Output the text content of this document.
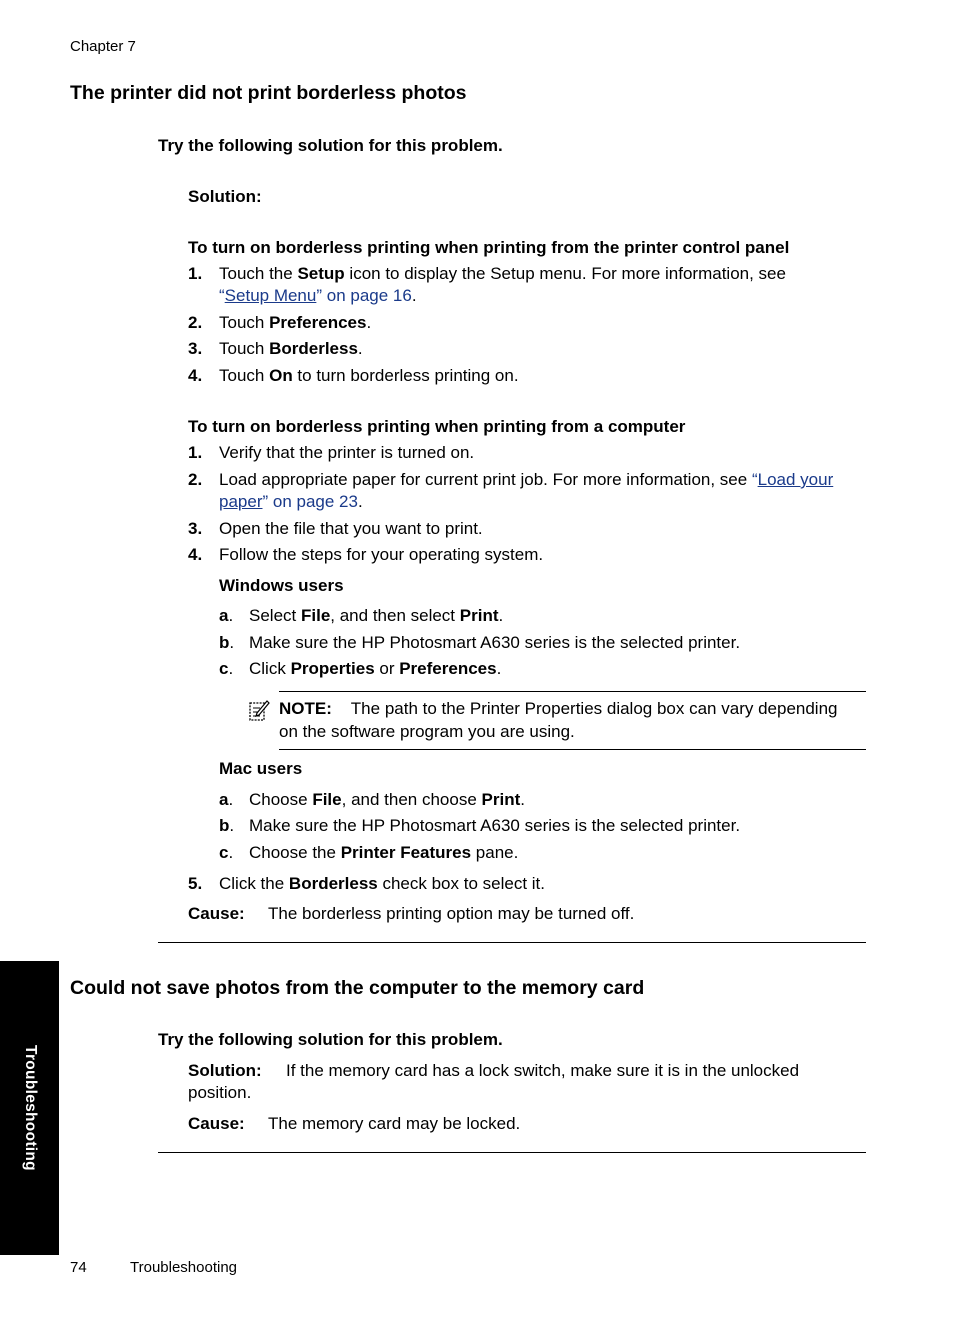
Chapter 7
The printer did not print borderless photos
Try the following solution for this problem.
Solution:
To turn on borderless printing when printing from the printer control panel
1. Touch the Setup icon to display the Setup menu. For more information, see
“Setup Menu” on page 16.
2. Touch Preferences.
3. Touch Borderless.
4. Touch On to turn borderless printing on.
To turn on borderless printing when printing from a computer
1. Verify that the printer is turned on.
2. Load appropriate paper for current print job. For more information, see “Load your
paper” on page 23.
3. Open the file that you want to print.
4. Follow the steps for your operating system.
Windows users
a. Select File, and then select Print.
b. Make sure the HP Photosmart A630 series is the selected printer.
c. Click Properties or Preferences.
NOTE: The path to the Printer Properties dialog box can vary depending
on the software program you are using.
Mac users
a. Choose File, and then choose Print.
b. Make sure the HP Photosmart A630 series is the selected printer.
c. Choose the Printer Features pane.
5. Click the Borderless check box to select it.
Cause: The borderless printing option may be turned off.
Could not save photos from the computer to the memory card
Try the following solution for this problem.
Solution: If the memory card has a lock switch, make sure it is in the unlocked
position.
Cause: The memory card may be locked.
Troubleshooting
74	Troubleshooting
